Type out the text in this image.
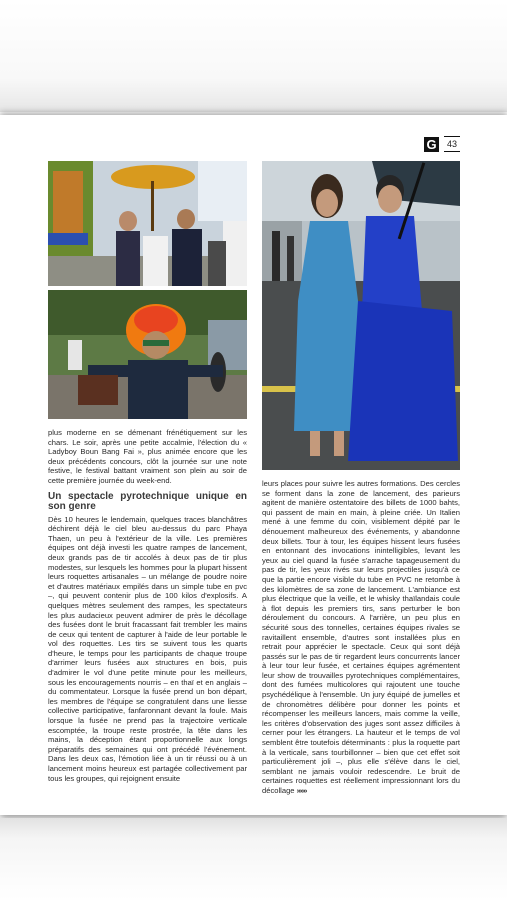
G	43

plus moderne en se démenant frénétiquement sur les chars. Le soir, après une petite accalmie, l'élection du « Ladyboy Boun Bang Fai », plus animée encore que les deux précédents concours, clôt la journée sur une note festive, le festival battant vraiment son plein au soir de cette première journée du week-end.

Un spectacle pyrotechnique unique en son genre

Dès 10 heures le lendemain, quelques traces blanchâtres déchirent déjà le ciel bleu au-dessus du parc Phaya Thaen, un peu à l'extérieur de la ville. Les premières équipes ont déjà investi les quatre rampes de lancement, deux grands pas de tir accolés à deux pas de tir plus modestes, sur lesquels les hommes pour la plupart hissent leurs roquettes artisanales – un mélange de poudre noire et d'autres matériaux empilés dans un simple tube en pvc –, qui peuvent contenir plus de 100 kilos d'explosifs. A quelques mètres seulement des rampes, les spectateurs les plus audacieux peuvent admirer de près le décollage des fusées dont le bruit fracassant fait trembler les mains de ceux qui tentent de capturer à l'aide de leur portable le vol des roquettes. Les tirs se suivent tous les quarts d'heure, le temps pour les participants de chaque troupe d'arrimer leurs fusées aux structures en bois, puis d'admirer le vol d'une petite minute pour les meilleurs, sous les encouragements nourris – en thaï et en anglais – du commentateur. Lorsque la fusée prend un bon départ, les membres de l'équipe se congratulent dans une liesse collective participative, fanfaronnant devant la foule. Mais lorsque la fusée ne prend pas la trajectoire verticale escomptée, la troupe reste prostrée, la tête dans les mains, la déception étant proportionnelle aux longs préparatifs des semaines qui ont précédé l'événement. Dans les deux cas, l'émotion liée à un tir réussi ou à un lancement moins heureux est partagée collectivement par tous les groupes, qui rejoignent ensuite

leurs places pour suivre les autres formations. Des cercles se forment dans la zone de lancement, des parieurs agitent de manière ostentatoire des billets de 1000 bahts, qui passent de main en main, à pleine criée. Un Italien mené à une femme du coin, visiblement dépité par le dénouement malheureux des événements, y abandonne deux billets. Tour à tour, les équipes hissent leurs fusées en entonnant des invocations inintelligibles, levant les yeux au ciel quand la fusée s'arrache tapageusement du pas de tir, les yeux rivés sur leurs projectiles jusqu'à ce que la partie encore visible du tube en PVC ne retombe à des kilomètres de sa zone de lancement. L'ambiance est plus électrique que la veille, et le whisky thaïlandais coule à flot depuis les premiers tirs, sans perturber le bon déroulement du concours. A l'arrière, un peu plus en sécurité sous des tonnelles, certaines équipes rivales se ravitaillent ensemble, d'autres sont installées plus en retrait pour apprécier le spectacle. Ceux qui sont déjà passés sur le pas de tir regardent leurs concurrents lancer à leur tour leur fusée, et certaines équipes agrémentent leur show de trouvailles pyrotechniques complémentaires, dont des fumées multicolores qui rajoutent une touche psychédélique à l'ensemble. Un jury équipé de jumelles et de chronomètres délibère pour donner les points et récompenser les meilleurs lancers, mais comme la veille, les critères d'observation des juges sont assez difficiles à cerner pour les étrangers. La hauteur et le temps de vol semblent être toutefois déterminants : plus la roquette part à la verticale, sans tourbillonner – bien que cet effet soit particulièrement joli –, plus elle s'élève dans le ciel, semblant ne jamais vouloir redescendre. Le bruit de certaines roquettes est réellement impressionnant lors du décollage »»»
